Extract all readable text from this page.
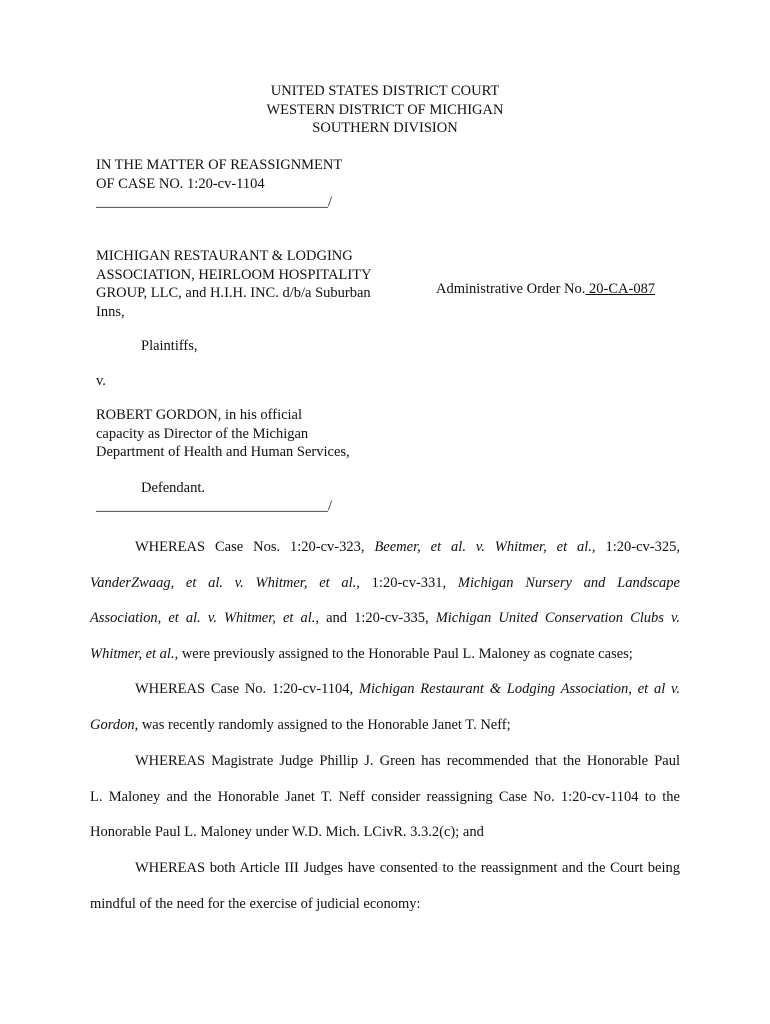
UNITED STATES DISTRICT COURT
WESTERN DISTRICT OF MICHIGAN
SOUTHERN DIVISION
IN THE MATTER OF REASSIGNMENT
OF CASE NO. 1:20-cv-1104
________________________________/
MICHIGAN RESTAURANT & LODGING
ASSOCIATION, HEIRLOOM HOSPITALITY
GROUP, LLC, and H.I.H. INC. d/b/a Suburban
Inns,
Administrative Order No. 20-CA-087
Plaintiffs,
v.
ROBERT GORDON, in his official
capacity as Director of the Michigan
Department of Health and Human Services,
Defendant.
________________________________/
WHEREAS Case Nos. 1:20-cv-323, Beemer, et al. v. Whitmer, et al., 1:20-cv-325,
VanderZwaag, et al. v. Whitmer, et al., 1:20-cv-331, Michigan Nursery and Landscape
Association, et al. v. Whitmer, et al., and 1:20-cv-335, Michigan United Conservation Clubs v.
Whitmer, et al., were previously assigned to the Honorable Paul L. Maloney as cognate cases;
WHEREAS Case No. 1:20-cv-1104, Michigan Restaurant & Lodging Association, et al v.
Gordon, was recently randomly assigned to the Honorable Janet T. Neff;
WHEREAS Magistrate Judge Phillip J. Green has recommended that the Honorable Paul
L. Maloney and the Honorable Janet T. Neff consider reassigning Case No. 1:20-cv-1104 to the
Honorable Paul L. Maloney under W.D. Mich. LCivR. 3.3.2(c); and
WHEREAS both Article III Judges have consented to the reassignment and the Court being
mindful of the need for the exercise of judicial economy:
